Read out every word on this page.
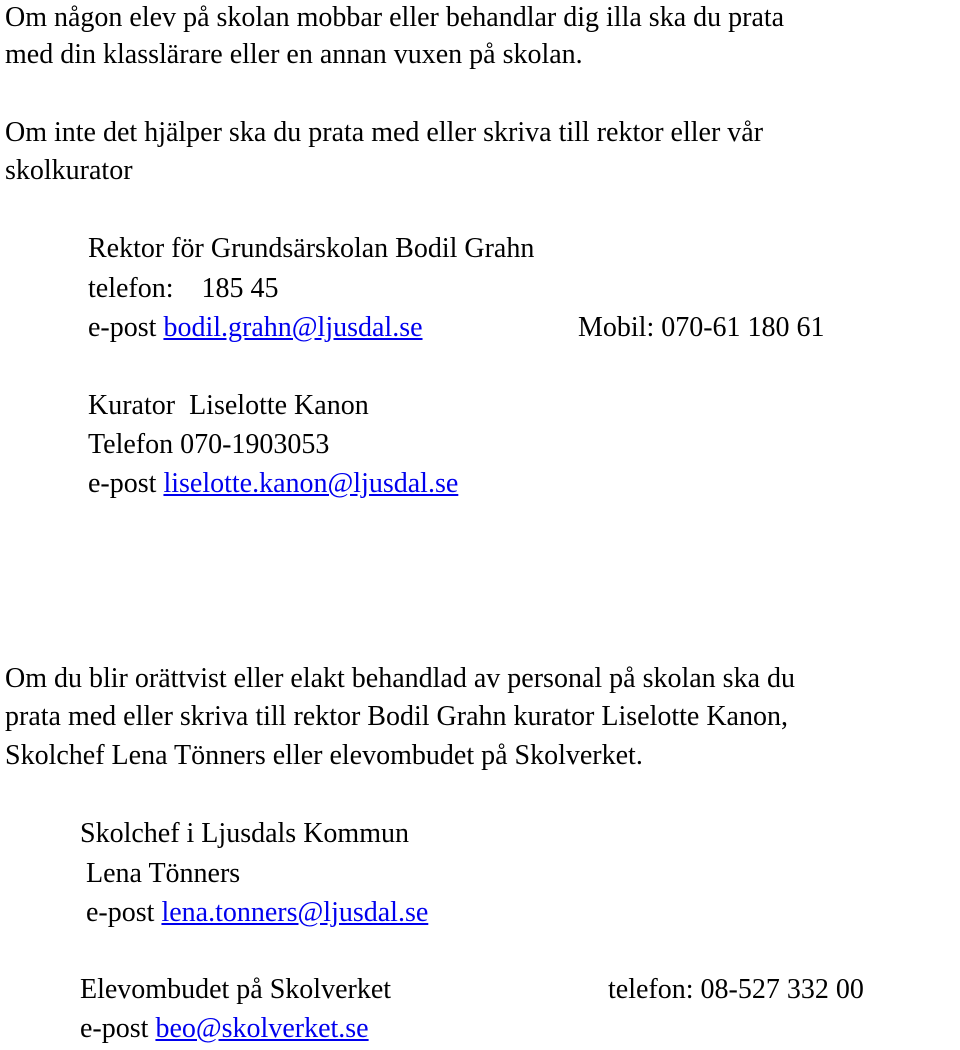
Om någon elev på skolan mobbar eller behandlar dig illa ska du prata
med din klasslärare eller en annan vuxen på skolan.
Om inte det hjälper ska du prata med eller skriva till rektor eller vår
skolkurator
Rektor för Grundsärskolan Bodil Grahn
telefon: 185 45
e-post bodil.grahn@ljusdal.se	Mobil: 070-61 180 61
Kurator Liselotte Kanon
Telefon 070-1903053
e-post liselotte.kanon@ljusdal.se
Om du blir orättvist eller elakt behandlad av personal på skolan ska du
prata med eller skriva till rektor Bodil Grahn kurator Liselotte Kanon,
Skolchef Lena Tönners eller elevombudet på Skolverket.
Skolchef i Ljusdals Kommun
Lena Tönners
e-post lena.tonners@ljusdal.se
Elevombudet på Skolverket	telefon: 08-527 332 00
e-post beo@skolverket.se
